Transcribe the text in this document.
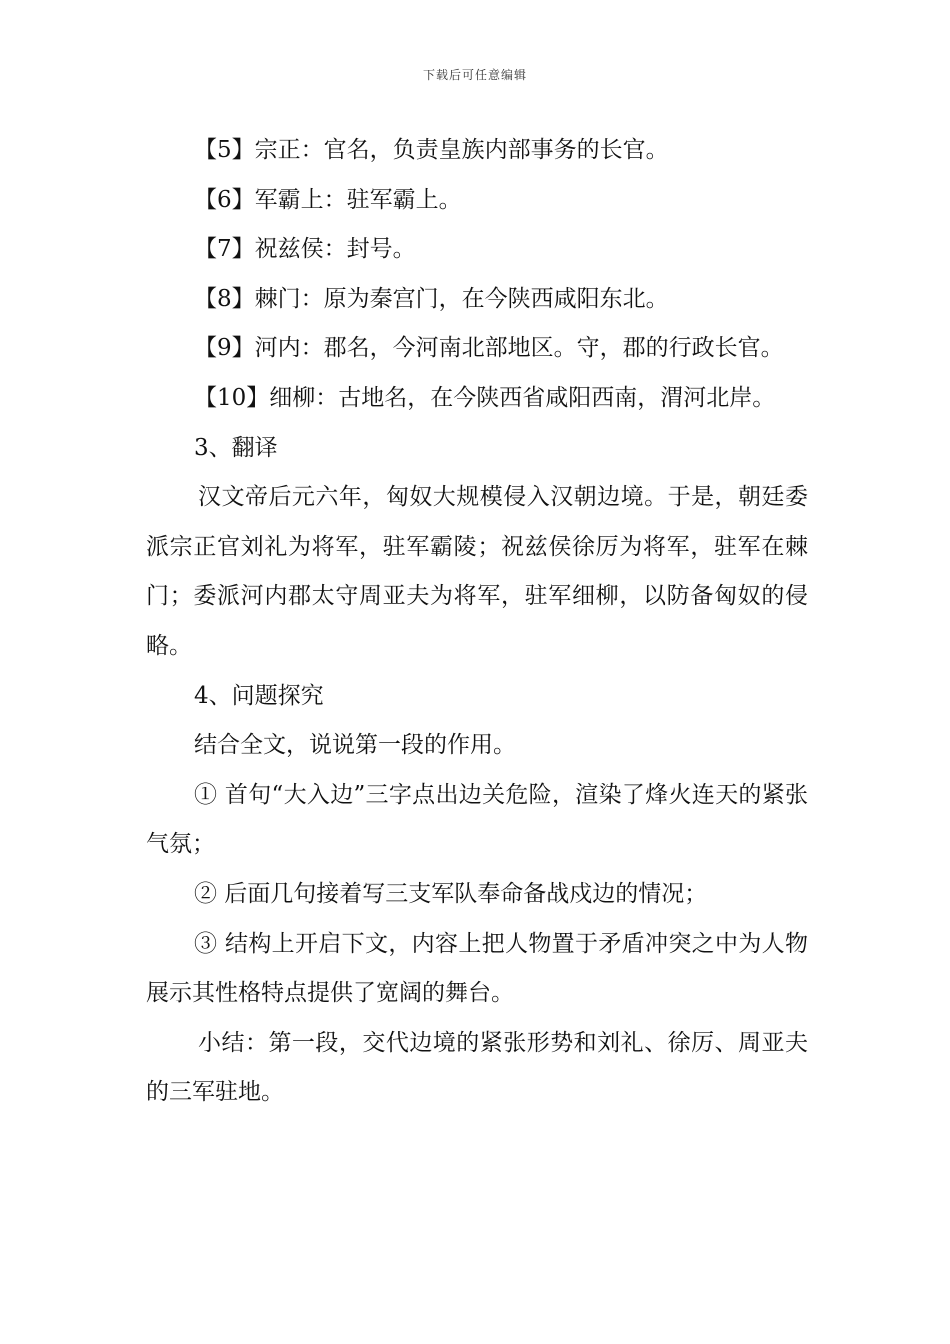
下载后可任意编辑

【5】宗正：官名，负责皇族内部事务的长官。

【6】军霸上：驻军霸上。

【7】祝兹侯：封号。

【8】棘门：原为秦宫门，在今陕西咸阳东北。

【9】河内：郡名，今河南北部地区。守，郡的行政长官。

【10】细柳：古地名，在今陕西省咸阳西南，渭河北岸。

3、翻译

汉文帝后元六年，匈奴大规模侵入汉朝边境。于是，朝廷委派宗正官刘礼为将军，驻军霸陵；祝兹侯徐厉为将军，驻军在棘门；委派河内郡太守周亚夫为将军，驻军细柳，以防备匈奴的侵略。

4、问题探究

结合全文，说说第一段的作用。

① 首句“大入边”三字点出边关危险，渲染了烽火连天的紧张气氛；

② 后面几句接着写三支军队奉命备战戍边的情况；

③ 结构上开启下文，内容上把人物置于矛盾冲突之中为人物展示其性格特点提供了宽阔的舞台。

小结：第一段，交代边境的紧张形势和刘礼、徐厉、周亚夫的三军驻地。
